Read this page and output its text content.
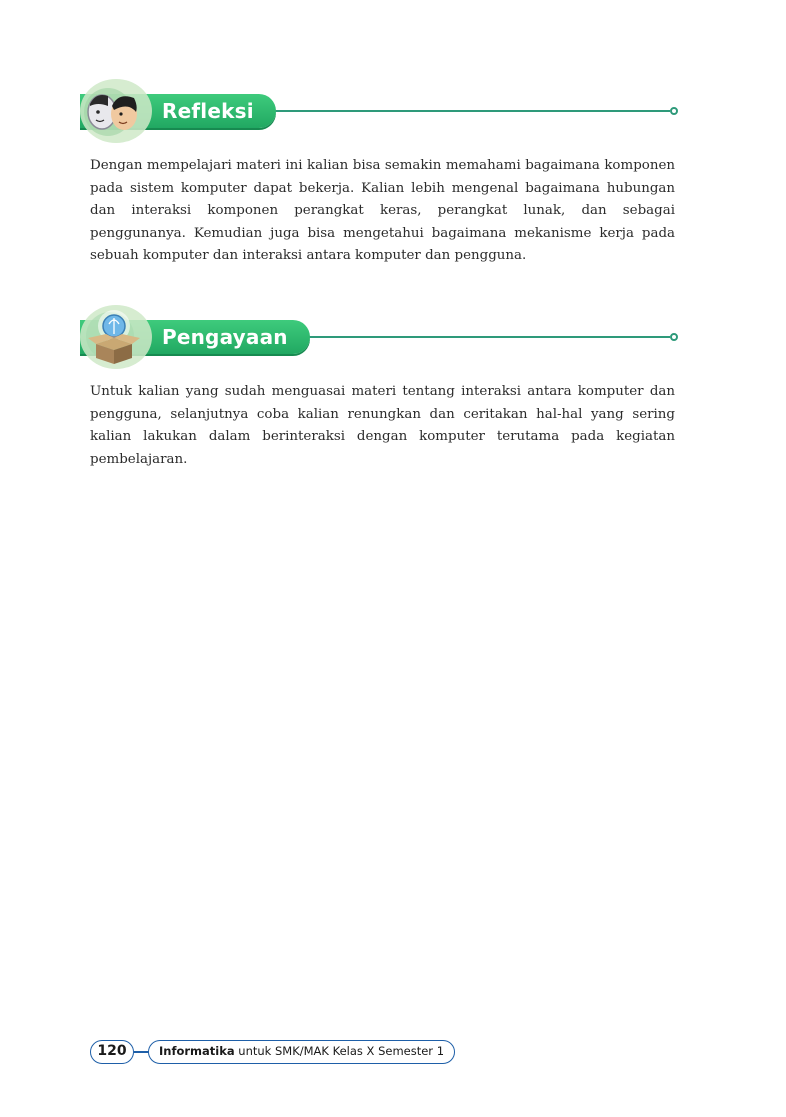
Refleksi

Dengan mempelajari materi ini kalian bisa semakin memahami bagaimana komponen pada sistem komputer dapat bekerja. Kalian lebih mengenal bagaimana hubungan dan interaksi komponen perangkat keras, perangkat lunak, dan sebagai penggunanya. Kemudian juga bisa mengetahui bagaimana mekanisme kerja pada sebuah komputer dan interaksi antara komputer dan pengguna.

Pengayaan

Untuk kalian yang sudah menguasai materi tentang interaksi antara komputer dan pengguna, selanjutnya coba kalian renungkan dan ceritakan hal-hal yang sering kalian lakukan dalam berinteraksi dengan komputer terutama pada kegiatan pembelajaran.

120	Informatika untuk SMK/MAK Kelas X Semester 1
